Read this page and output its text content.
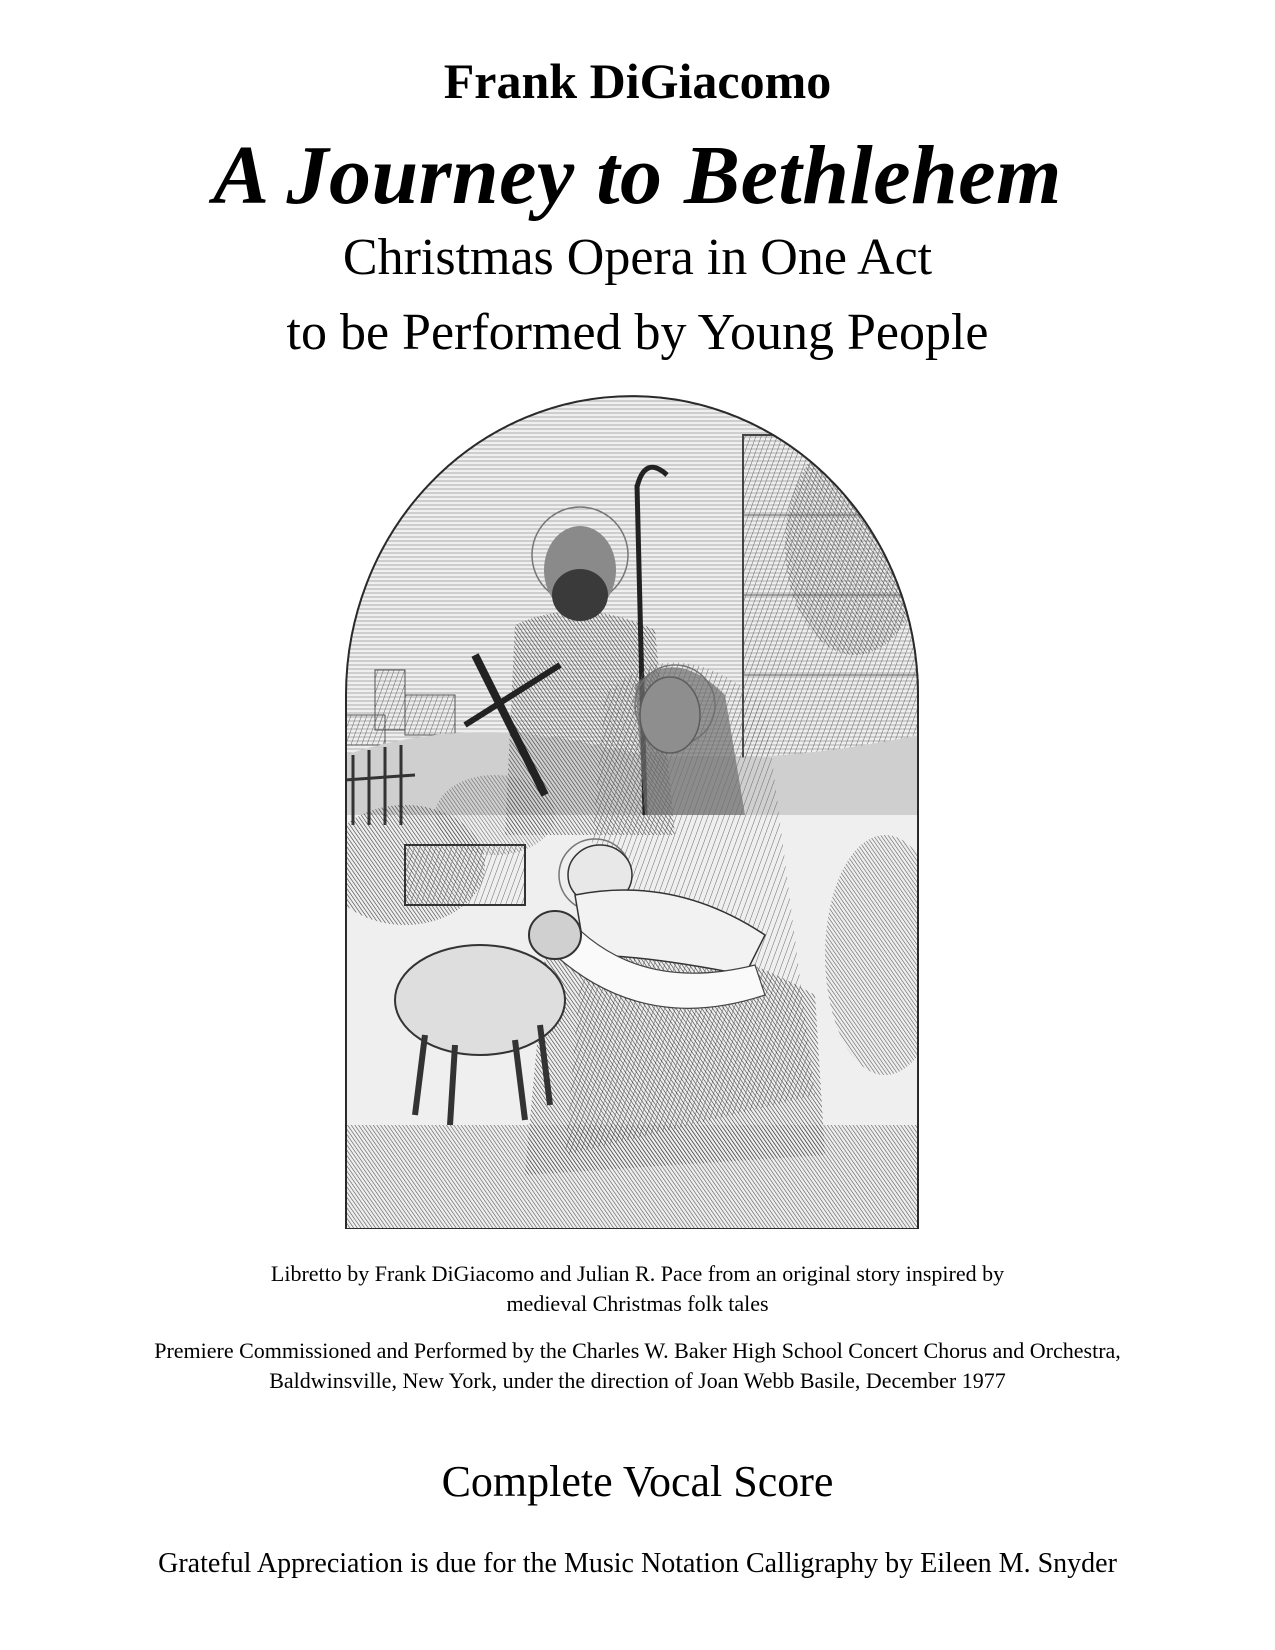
Frank DiGiacomo
A Journey to Bethlehem
Christmas Opera in One Act
to be Performed by Young People
Libretto by Frank DiGiacomo and Julian R. Pace from an original story inspired by
medieval Christmas folk tales
Premiere Commissioned and Performed by the Charles W. Baker High School Concert Chorus and Orchestra,
Baldwinsville, New York, under the direction of Joan Webb Basile, December 1977
Complete Vocal Score
Grateful Appreciation is due for the Music Notation Calligraphy by Eileen M. Snyder
